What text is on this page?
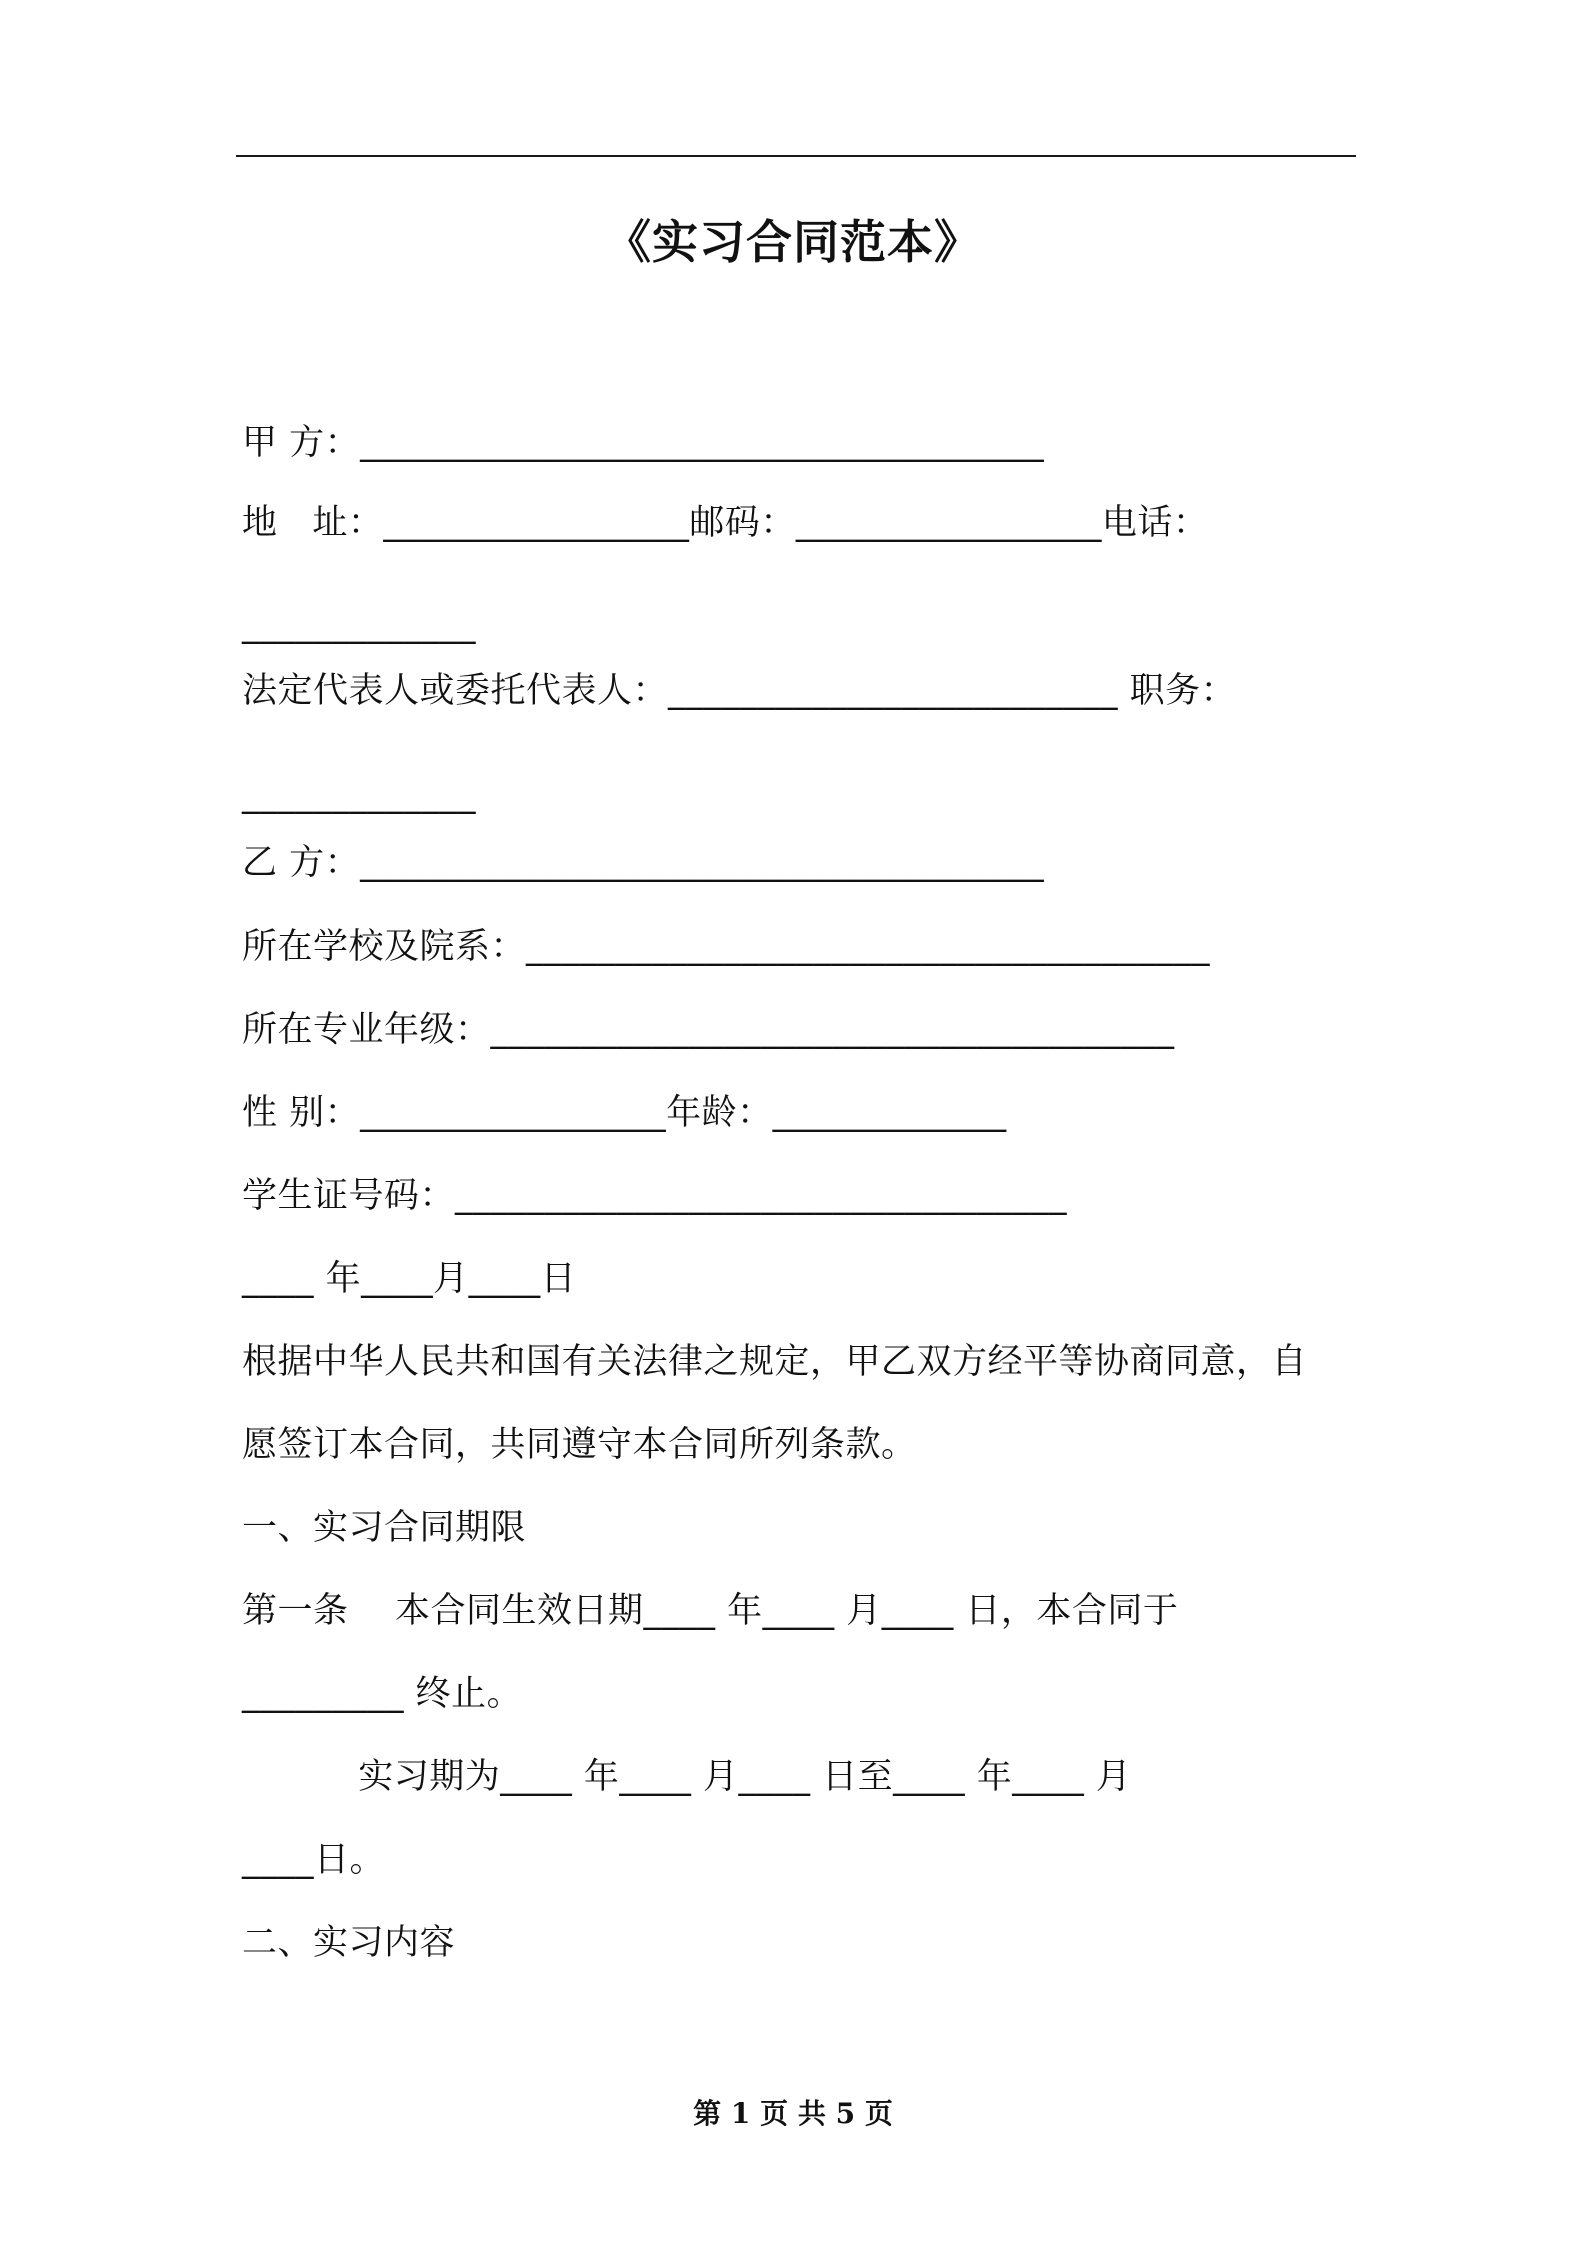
《实习合同范本》
甲 方：______________________________________
地   址：_________________邮码：_________________电话：
_____________
法定代表人或委托代表人：_________________________ 职务：
_____________
乙 方：______________________________________
所在学校及院系：______________________________________
所在专业年级：______________________________________
性 别：_________________年龄：_____________
学生证号码：__________________________________
____ 年____月____日
根据中华人民共和国有关法律之规定，甲乙双方经平等协商同意，自
愿签订本合同，共同遵守本合同所列条款。
一、实习合同期限
第一条    本合同生效日期____ 年____ 月____ 日，本合同于
_________ 终止。
实习期为____ 年____ 月____ 日至____ 年____ 月
____日。
二、实习内容
第 1 页 共 5 页
